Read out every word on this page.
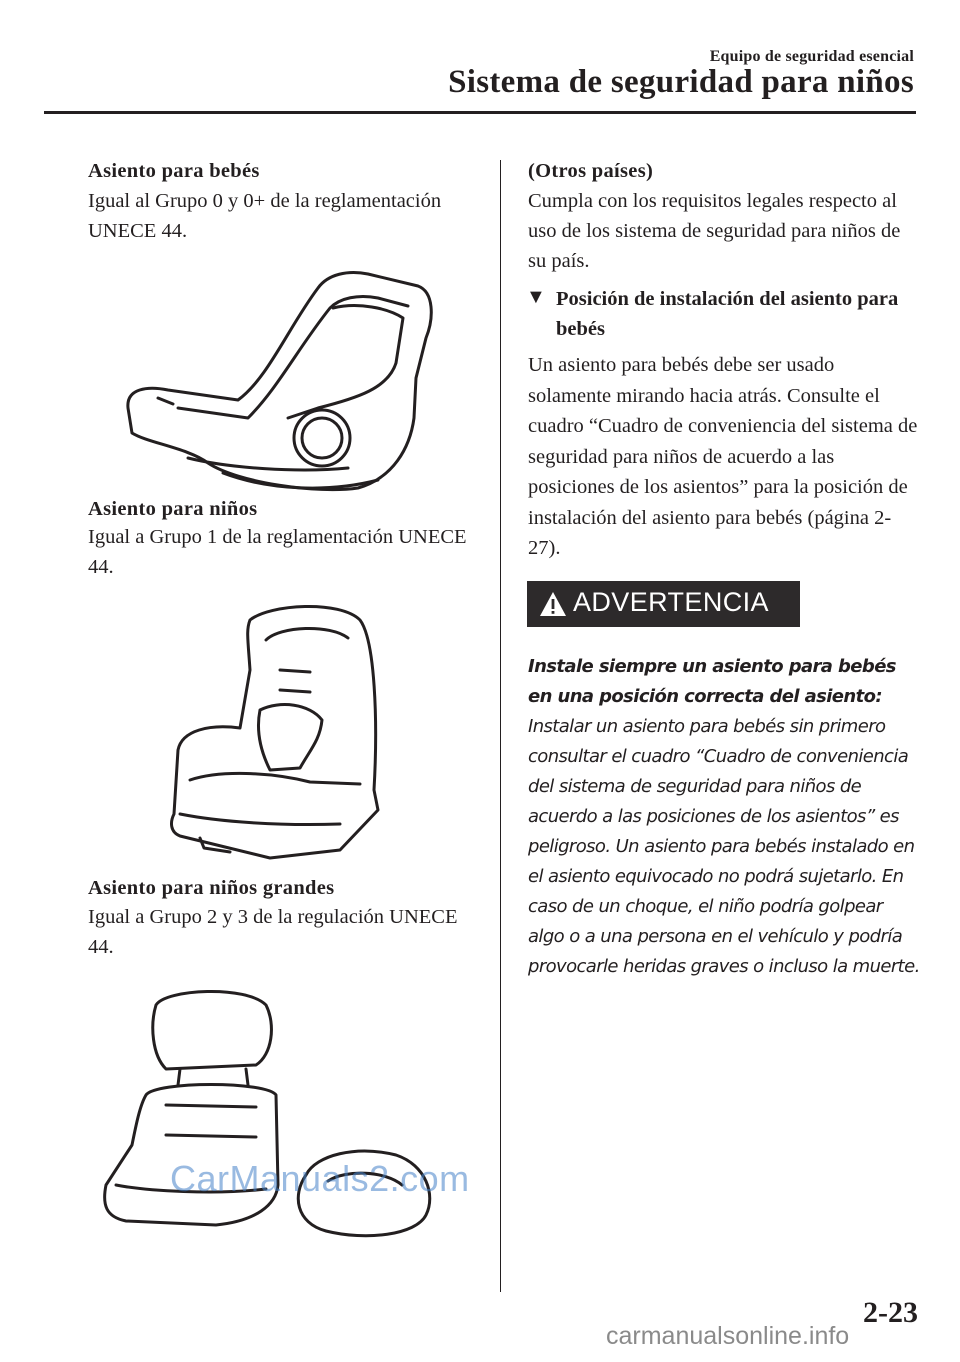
Equipo de seguridad esencial
Sistema de seguridad para niños
Asiento para bebés
Igual al Grupo 0 y 0+ de la reglamentación UNECE 44.
Asiento para niños
Igual a Grupo 1 de la reglamentación UNECE 44.
Asiento para niños grandes
Igual a Grupo 2 y 3 de la regulación UNECE 44.
CarManuals2.com
(Otros países)
Cumpla con los requisitos legales respecto al uso de los sistema de seguridad para niños de su país.
▼ Posición de instalación del asiento para bebés
Un asiento para bebés debe ser usado solamente mirando hacia atrás. Consulte el cuadro “Cuadro de conveniencia del sistema de seguridad para niños de acuerdo a las posiciones de los asientos” para la posición de instalación del asiento para bebés (página 2-27).
ADVERTENCIA
Instale siempre un asiento para bebés en una posición correcta del asiento:
Instalar un asiento para bebés sin primero consultar el cuadro “Cuadro de conveniencia del sistema de seguridad para niños de acuerdo a las posiciones de los asientos” es peligroso. Un asiento para bebés instalado en el asiento equivocado no podrá sujetarlo. En caso de un choque, el niño podría golpear algo o a una persona en el vehículo y podría provocarle heridas graves o incluso la muerte.
2-23
carmanualsonline.info
